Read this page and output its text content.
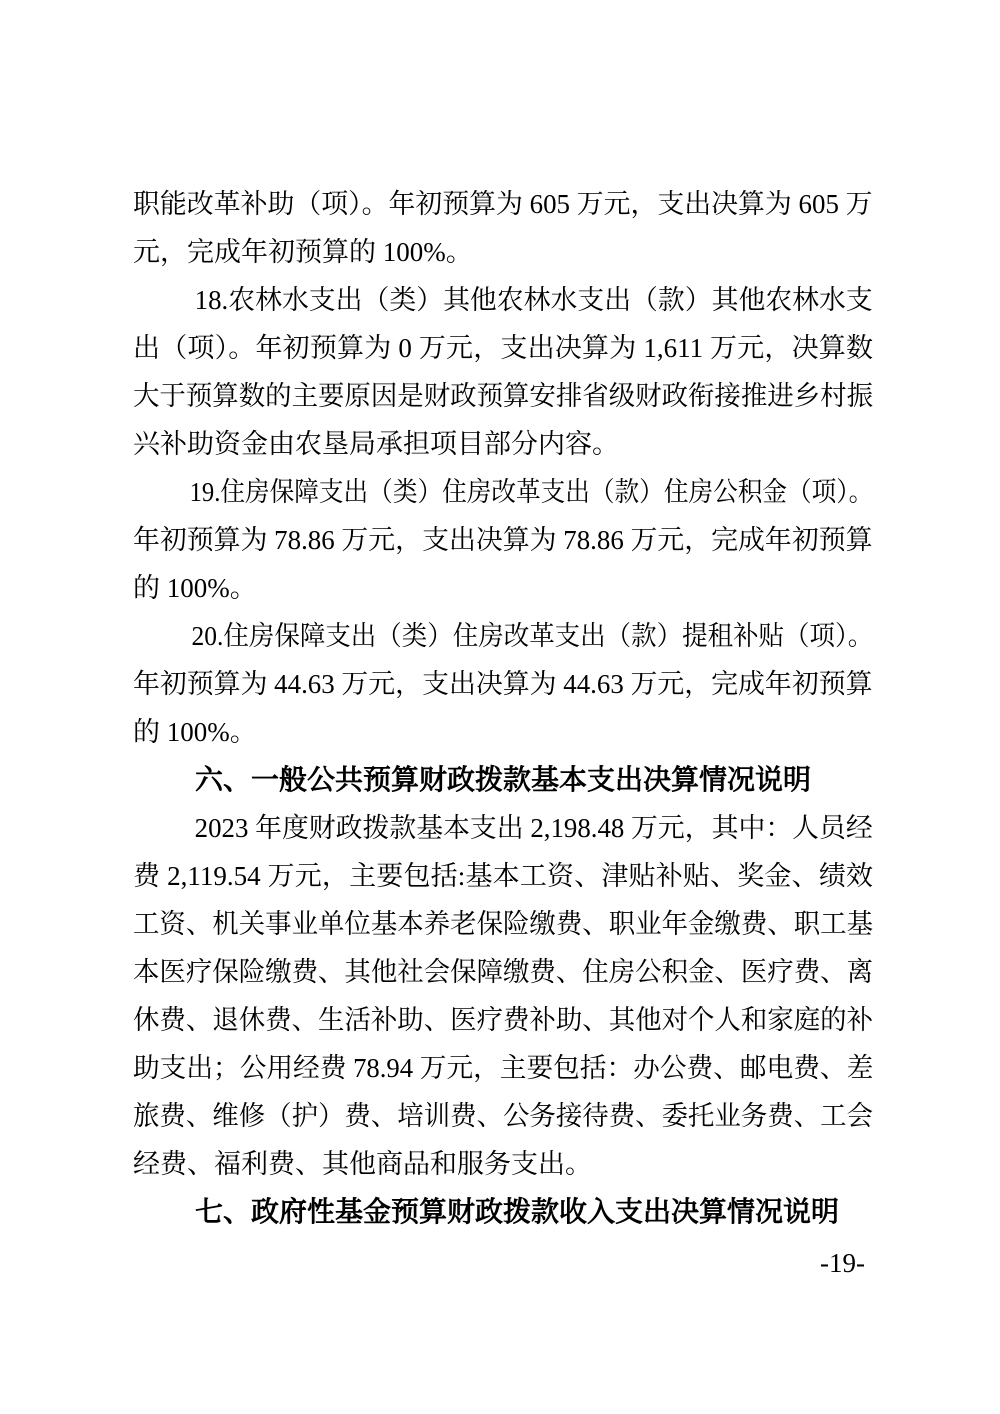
职能改革补助（项）。年初预算为 605 万元，支出决算为 605 万
元，完成年初预算的 100%。
18.农林水支出（类）其他农林水支出（款）其他农林水支
出（项）。年初预算为 0 万元，支出决算为 1,611 万元，决算数
大于预算数的主要原因是财政预算安排省级财政衔接推进乡村振
兴补助资金由农垦局承担项目部分内容。
19.住房保障支出（类）住房改革支出（款）住房公积金（项）。
年初预算为 78.86 万元，支出决算为 78.86 万元，完成年初预算
的 100%。
20.住房保障支出（类）住房改革支出（款）提租补贴（项）。
年初预算为 44.63 万元，支出决算为 44.63 万元，完成年初预算
的 100%。
六、一般公共预算财政拨款基本支出决算情况说明
2023 年度财政拨款基本支出 2,198.48 万元，其中：人员经
费 2,119.54 万元，主要包括:基本工资、津贴补贴、奖金、绩效
工资、机关事业单位基本养老保险缴费、职业年金缴费、职工基
本医疗保险缴费、其他社会保障缴费、住房公积金、医疗费、离
休费、退休费、生活补助、医疗费补助、其他对个人和家庭的补
助支出；公用经费 78.94 万元，主要包括：办公费、邮电费、差
旅费、维修（护）费、培训费、公务接待费、委托业务费、工会
经费、福利费、其他商品和服务支出。
七、政府性基金预算财政拨款收入支出决算情况说明
-19-
